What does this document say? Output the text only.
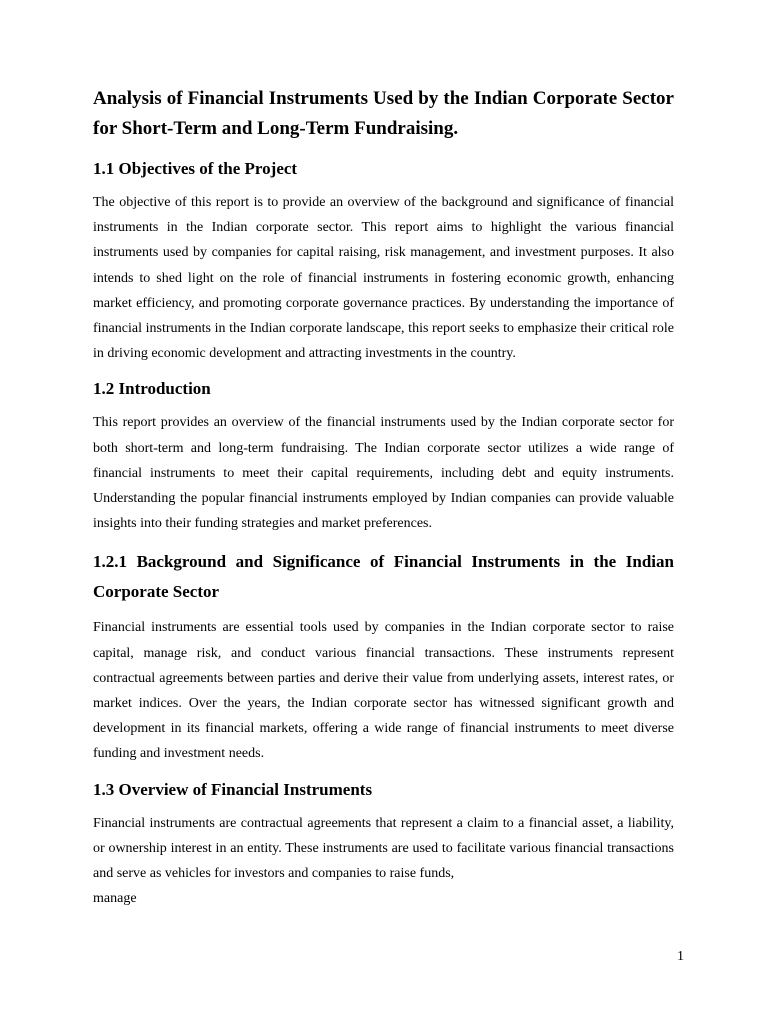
Analysis of Financial Instruments Used by the Indian Corporate Sector for Short-Term and Long-Term Fundraising.
1.1 Objectives of the Project

The objective of this report is to provide an overview of the background and significance of financial instruments in the Indian corporate sector. This report aims to highlight the various financial instruments used by companies for capital raising, risk management, and investment purposes. It also intends to shed light on the role of financial instruments in fostering economic growth, enhancing market efficiency, and promoting corporate governance practices. By understanding the importance of financial instruments in the Indian corporate landscape, this report seeks to emphasize their critical role in driving economic development and attracting investments in the country.

1.2 Introduction

This report provides an overview of the financial instruments used by the Indian corporate sector for both short-term and long-term fundraising. The Indian corporate sector utilizes a wide range of financial instruments to meet their capital requirements, including debt and equity instruments. Understanding the popular financial instruments employed by Indian companies can provide valuable insights into their funding strategies and market preferences.

1.2.1 Background and Significance of Financial Instruments in the Indian Corporate Sector

Financial instruments are essential tools used by companies in the Indian corporate sector to raise capital, manage risk, and conduct various financial transactions. These instruments represent contractual agreements between parties and derive their value from underlying assets, interest rates, or market indices. Over the years, the Indian corporate sector has witnessed significant growth and development in its financial markets, offering a wide range of financial instruments to meet diverse funding and investment needs.

1.3 Overview of Financial Instruments

Financial instruments are contractual agreements that represent a claim to a financial asset, a liability, or ownership interest in an entity. These instruments are used to facilitate various financial transactions and serve as vehicles for investors and companies to raise funds,

manage
1
